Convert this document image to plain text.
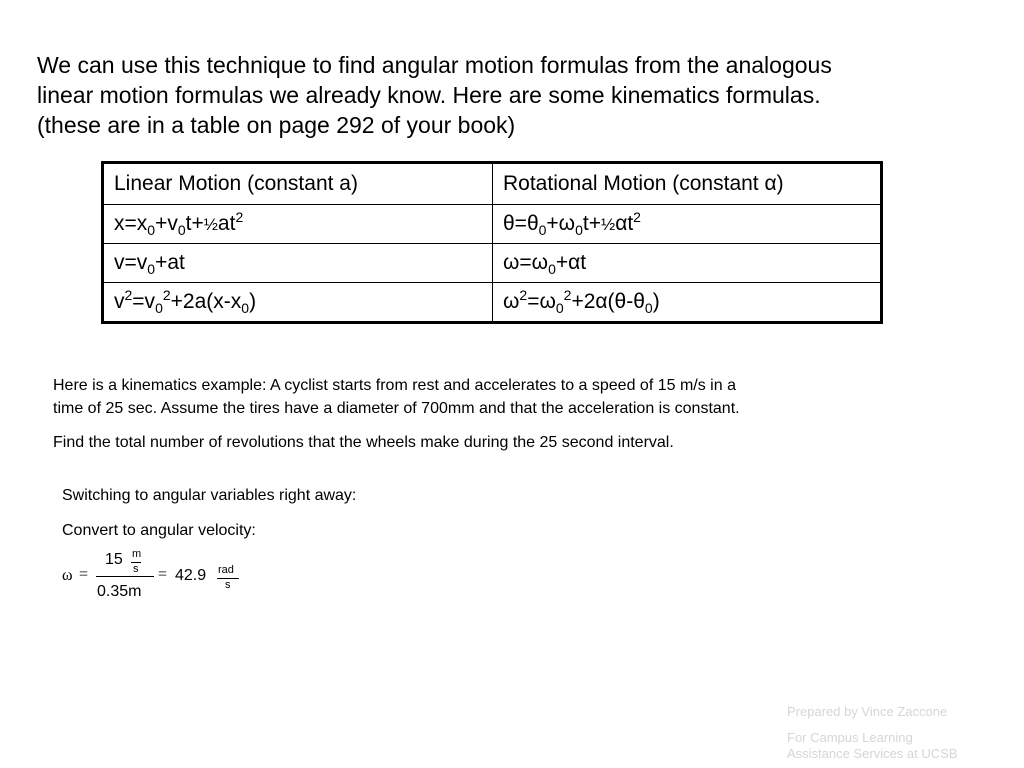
We can use this technique to find angular motion formulas from the analogous
linear motion formulas we already know. Here are some kinematics formulas.
(these are in a table on page 292 of your book)
Linear Motion (constant a)	Rotational Motion (constant α)
$x=x_0+v_0t+\frac{1}{2}at^2$	$\theta=\theta_0+\omega_0t+\frac{1}{2}\alpha t^2$
$v=v_0+at$	$\omega=\omega_0+\alpha t$
$v^2=v_0^2+2a(x-x_0)$	$\omega^2=\omega_0^2+2\alpha(\theta-\theta_0)$
Here is a kinematics example: A cyclist starts from rest and accelerates to a speed of 15 m/s in a
time of 25 sec. Assume the tires have a diameter of 700mm and that the acceleration is constant.
Find the total number of revolutions that the wheels make during the 25 second interval.
Switching to angular variables right away:
Convert to angular velocity:
ω =
15 m
s
0.35m
= 42.9 rad
s
Prepared by Vince Zaccone
For Campus Learning
Assistance Services at UCSB
